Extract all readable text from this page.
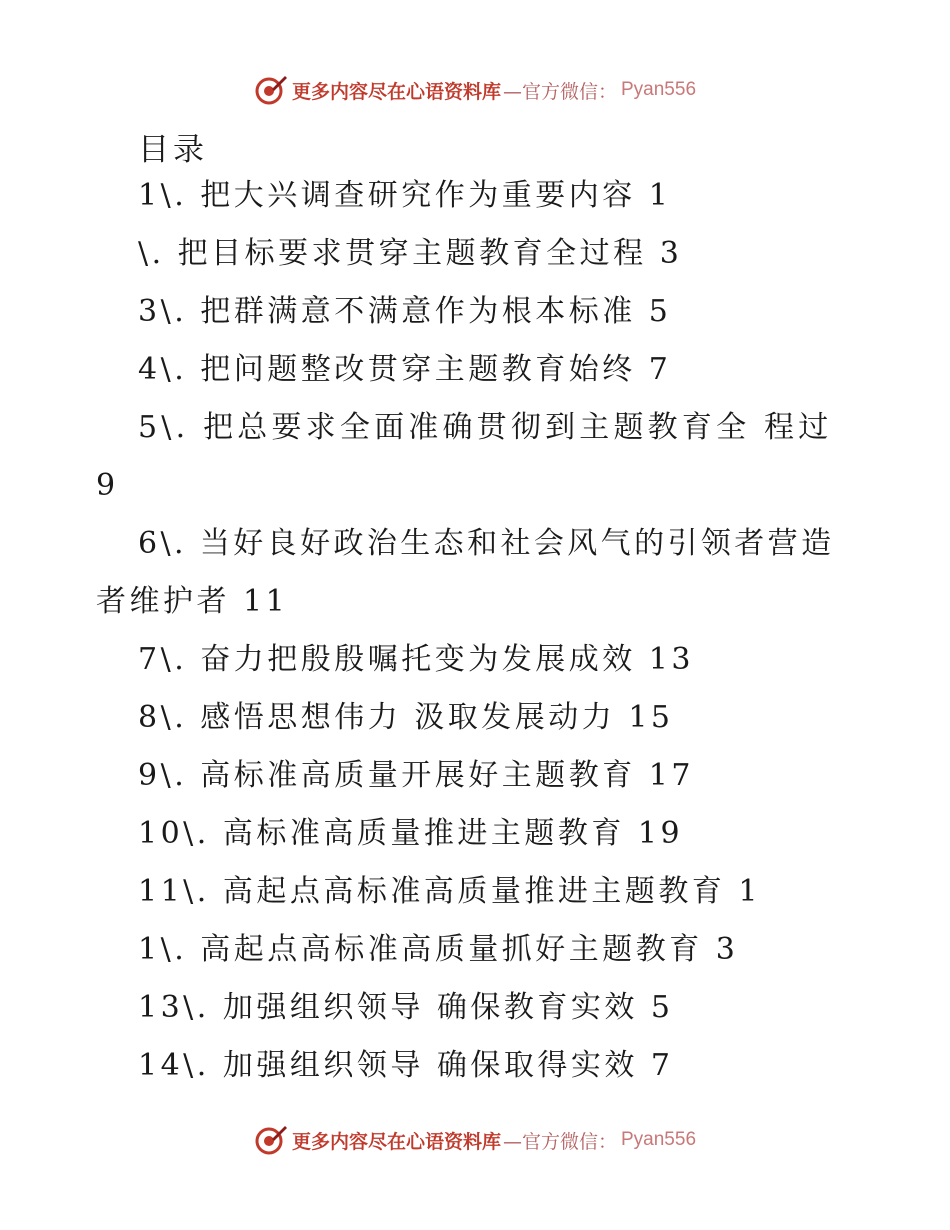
更多内容尽在心语资料库 —官方微信： Pyan556
目录
1\. 把大兴调查研究作为重要内容 1
\. 把目标要求贯穿主题教育全过程 3
3\. 把群满意不满意作为根本标准 5
4\. 把问题整改贯穿主题教育始终 7
5\. 把总要求全面准确贯彻到主题教育全 程过
9
6\. 当好良好政治生态和社会风气的引领者营造
者维护者 11
7\. 奋力把殷殷嘱托变为发展成效 13
8\. 感悟思想伟力 汲取发展动力 15
9\. 高标准高质量开展好主题教育 17
10\. 高标准高质量推进主题教育 19
11\. 高起点高标准高质量推进主题教育 1
1\. 高起点高标准高质量抓好主题教育 3
13\. 加强组织领导 确保教育实效 5
14\. 加强组织领导 确保取得实效 7
更多内容尽在心语资料库 —官方微信： Pyan556
